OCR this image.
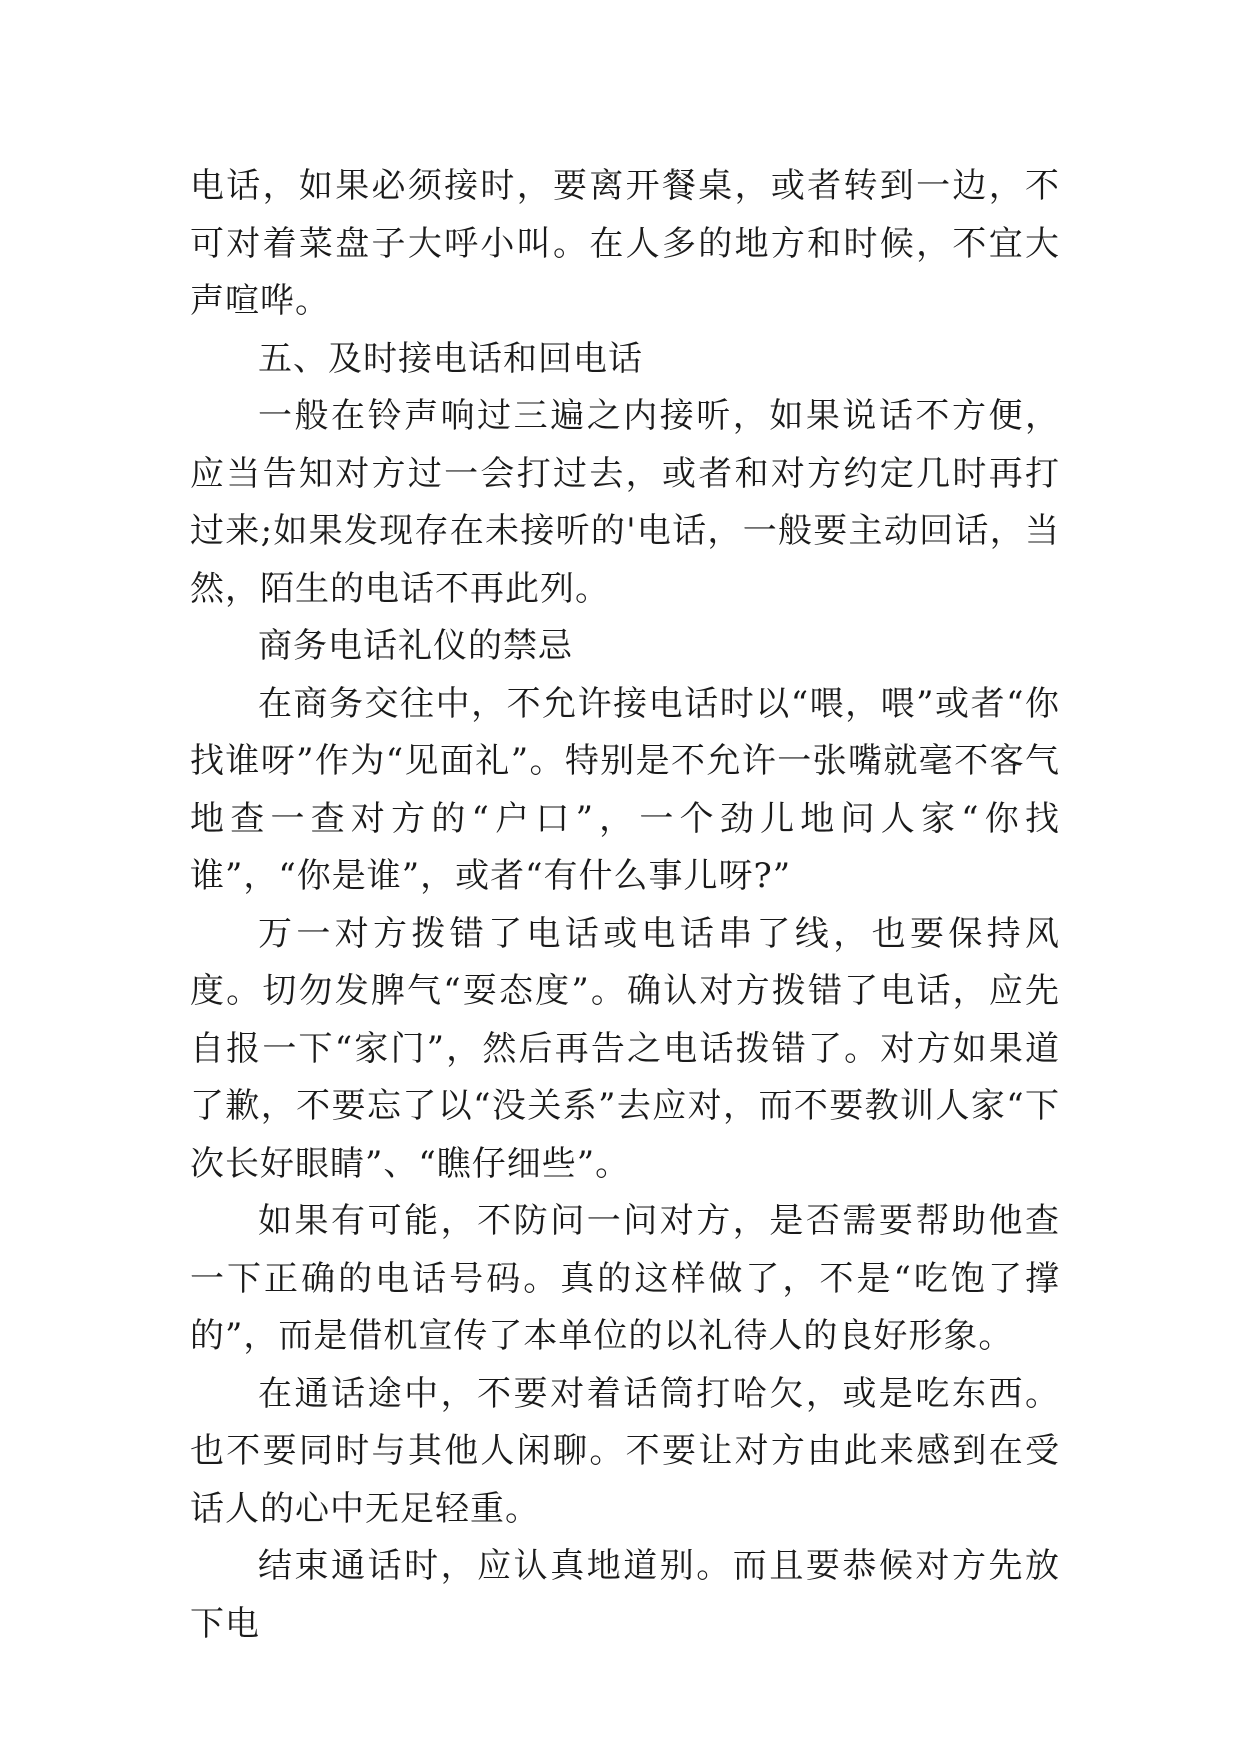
电话，如果必须接时，要离开餐桌，或者转到一边，不可对着菜盘子大呼小叫。在人多的地方和时候，不宜大声喧哗。

五、及时接电话和回电话

一般在铃声响过三遍之内接听，如果说话不方便，应当告知对方过一会打过去，或者和对方约定几时再打过来;如果发现存在未接听的'电话，一般要主动回话，当然，陌生的电话不再此列。

商务电话礼仪的禁忌

在商务交往中，不允许接电话时以“喂，喂”或者“你找谁呀”作为“见面礼”。特别是不允许一张嘴就毫不客气地查一查对方的“户口”，一个劲儿地问人家“你找谁”，“你是谁”，或者“有什么事儿呀?”

万一对方拨错了电话或电话串了线，也要保持风度。切勿发脾气“耍态度”。确认对方拨错了电话，应先自报一下“家门”，然后再告之电话拨错了。对方如果道了歉，不要忘了以“没关系”去应对，而不要教训人家“下次长好眼睛”、“瞧仔细些”。

如果有可能，不防问一问对方，是否需要帮助他查一下正确的电话号码。真的这样做了，不是“吃饱了撑的”，而是借机宣传了本单位的以礼待人的良好形象。

在通话途中，不要对着话筒打哈欠，或是吃东西。也不要同时与其他人闲聊。不要让对方由此来感到在受话人的心中无足轻重。

结束通话时，应认真地道别。而且要恭候对方先放下电
